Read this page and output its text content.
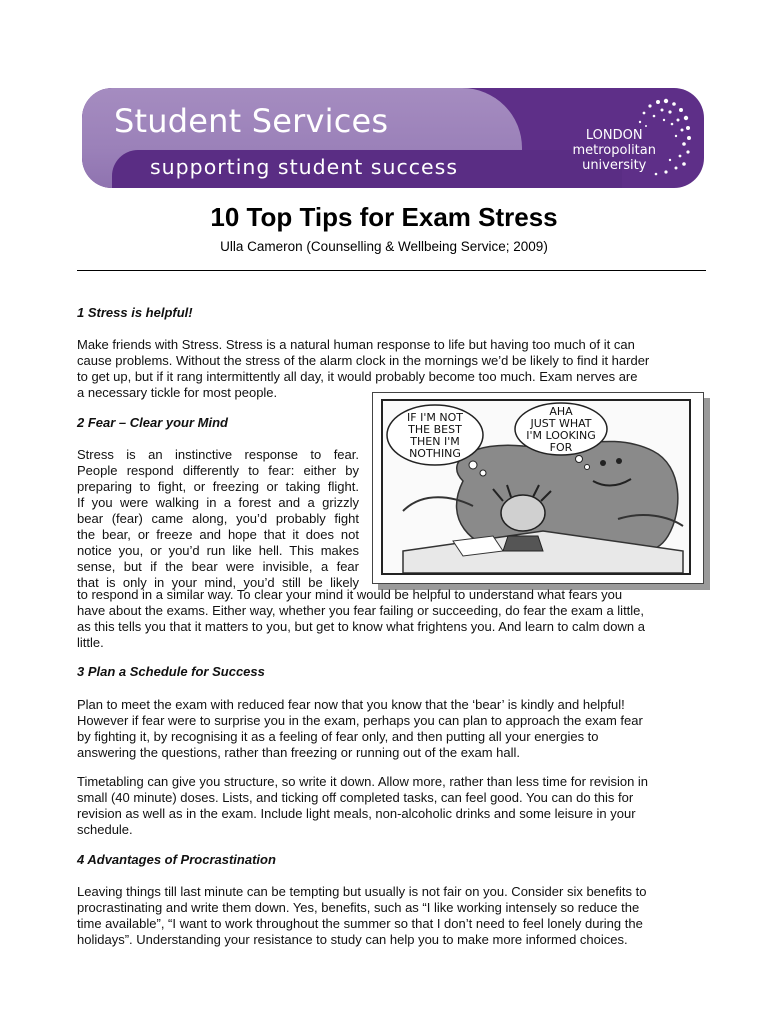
Student Services
supporting student success
LONDON
metropolitan
university
10 Top Tips for Exam Stress
Ulla Cameron (Counselling & Wellbeing Service; 2009)
1 Stress is helpful!
Make friends with Stress. Stress is a natural human response to life but having too much of it can
cause problems. Without the stress of the alarm clock in the mornings we’d be likely to find it harder
to get up, but if it rang intermittently all day, it would probably become too much. Exam nerves are
a necessary tickle for most people.
2 Fear – Clear your Mind
Stress is an instinctive response to fear.
People respond differently to fear: either by
preparing to fight, or freezing or taking flight.
If you were walking in a forest and a grizzly
bear (fear) came along, you’d probably fight
the bear, or freeze and hope that it does not
notice you, or you’d run like hell. This makes
sense, but if the bear were invisible, a fear
that is only in your mind, you’d still be likely
IF I'M NOT
THE BEST
THEN I'M
NOTHING
AHA
JUST WHAT
I'M LOOKING
FOR
to respond in a similar way. To clear your mind it would be helpful to understand what fears you
have about the exams. Either way, whether you fear failing or succeeding, do fear the exam a little,
as this tells you that it matters to you, but get to know what frightens you. And learn to calm down a
little.
3 Plan a Schedule for Success
Plan to meet the exam with reduced fear now that you know that the ‘bear’ is kindly and helpful!
However if fear were to surprise you in the exam, perhaps you can plan to approach the exam fear
by fighting it, by recognising it as a feeling of fear only, and then putting all your energies to
answering the questions, rather than freezing or running out of the exam hall.
Timetabling can give you structure, so write it down. Allow more, rather than less time for revision in
small (40 minute) doses. Lists, and ticking off completed tasks, can feel good. You can do this for
revision as well as in the exam. Include light meals, non-alcoholic drinks and some leisure in your
schedule.
4 Advantages of Procrastination
Leaving things till last minute can be tempting but usually is not fair on you. Consider six benefits to
procrastinating and write them down. Yes, benefits, such as “I like working intensely so reduce the
time available”, “I want to work throughout the summer so that I don’t need to feel lonely during the
holidays”. Understanding your resistance to study can help you to make more informed choices.
